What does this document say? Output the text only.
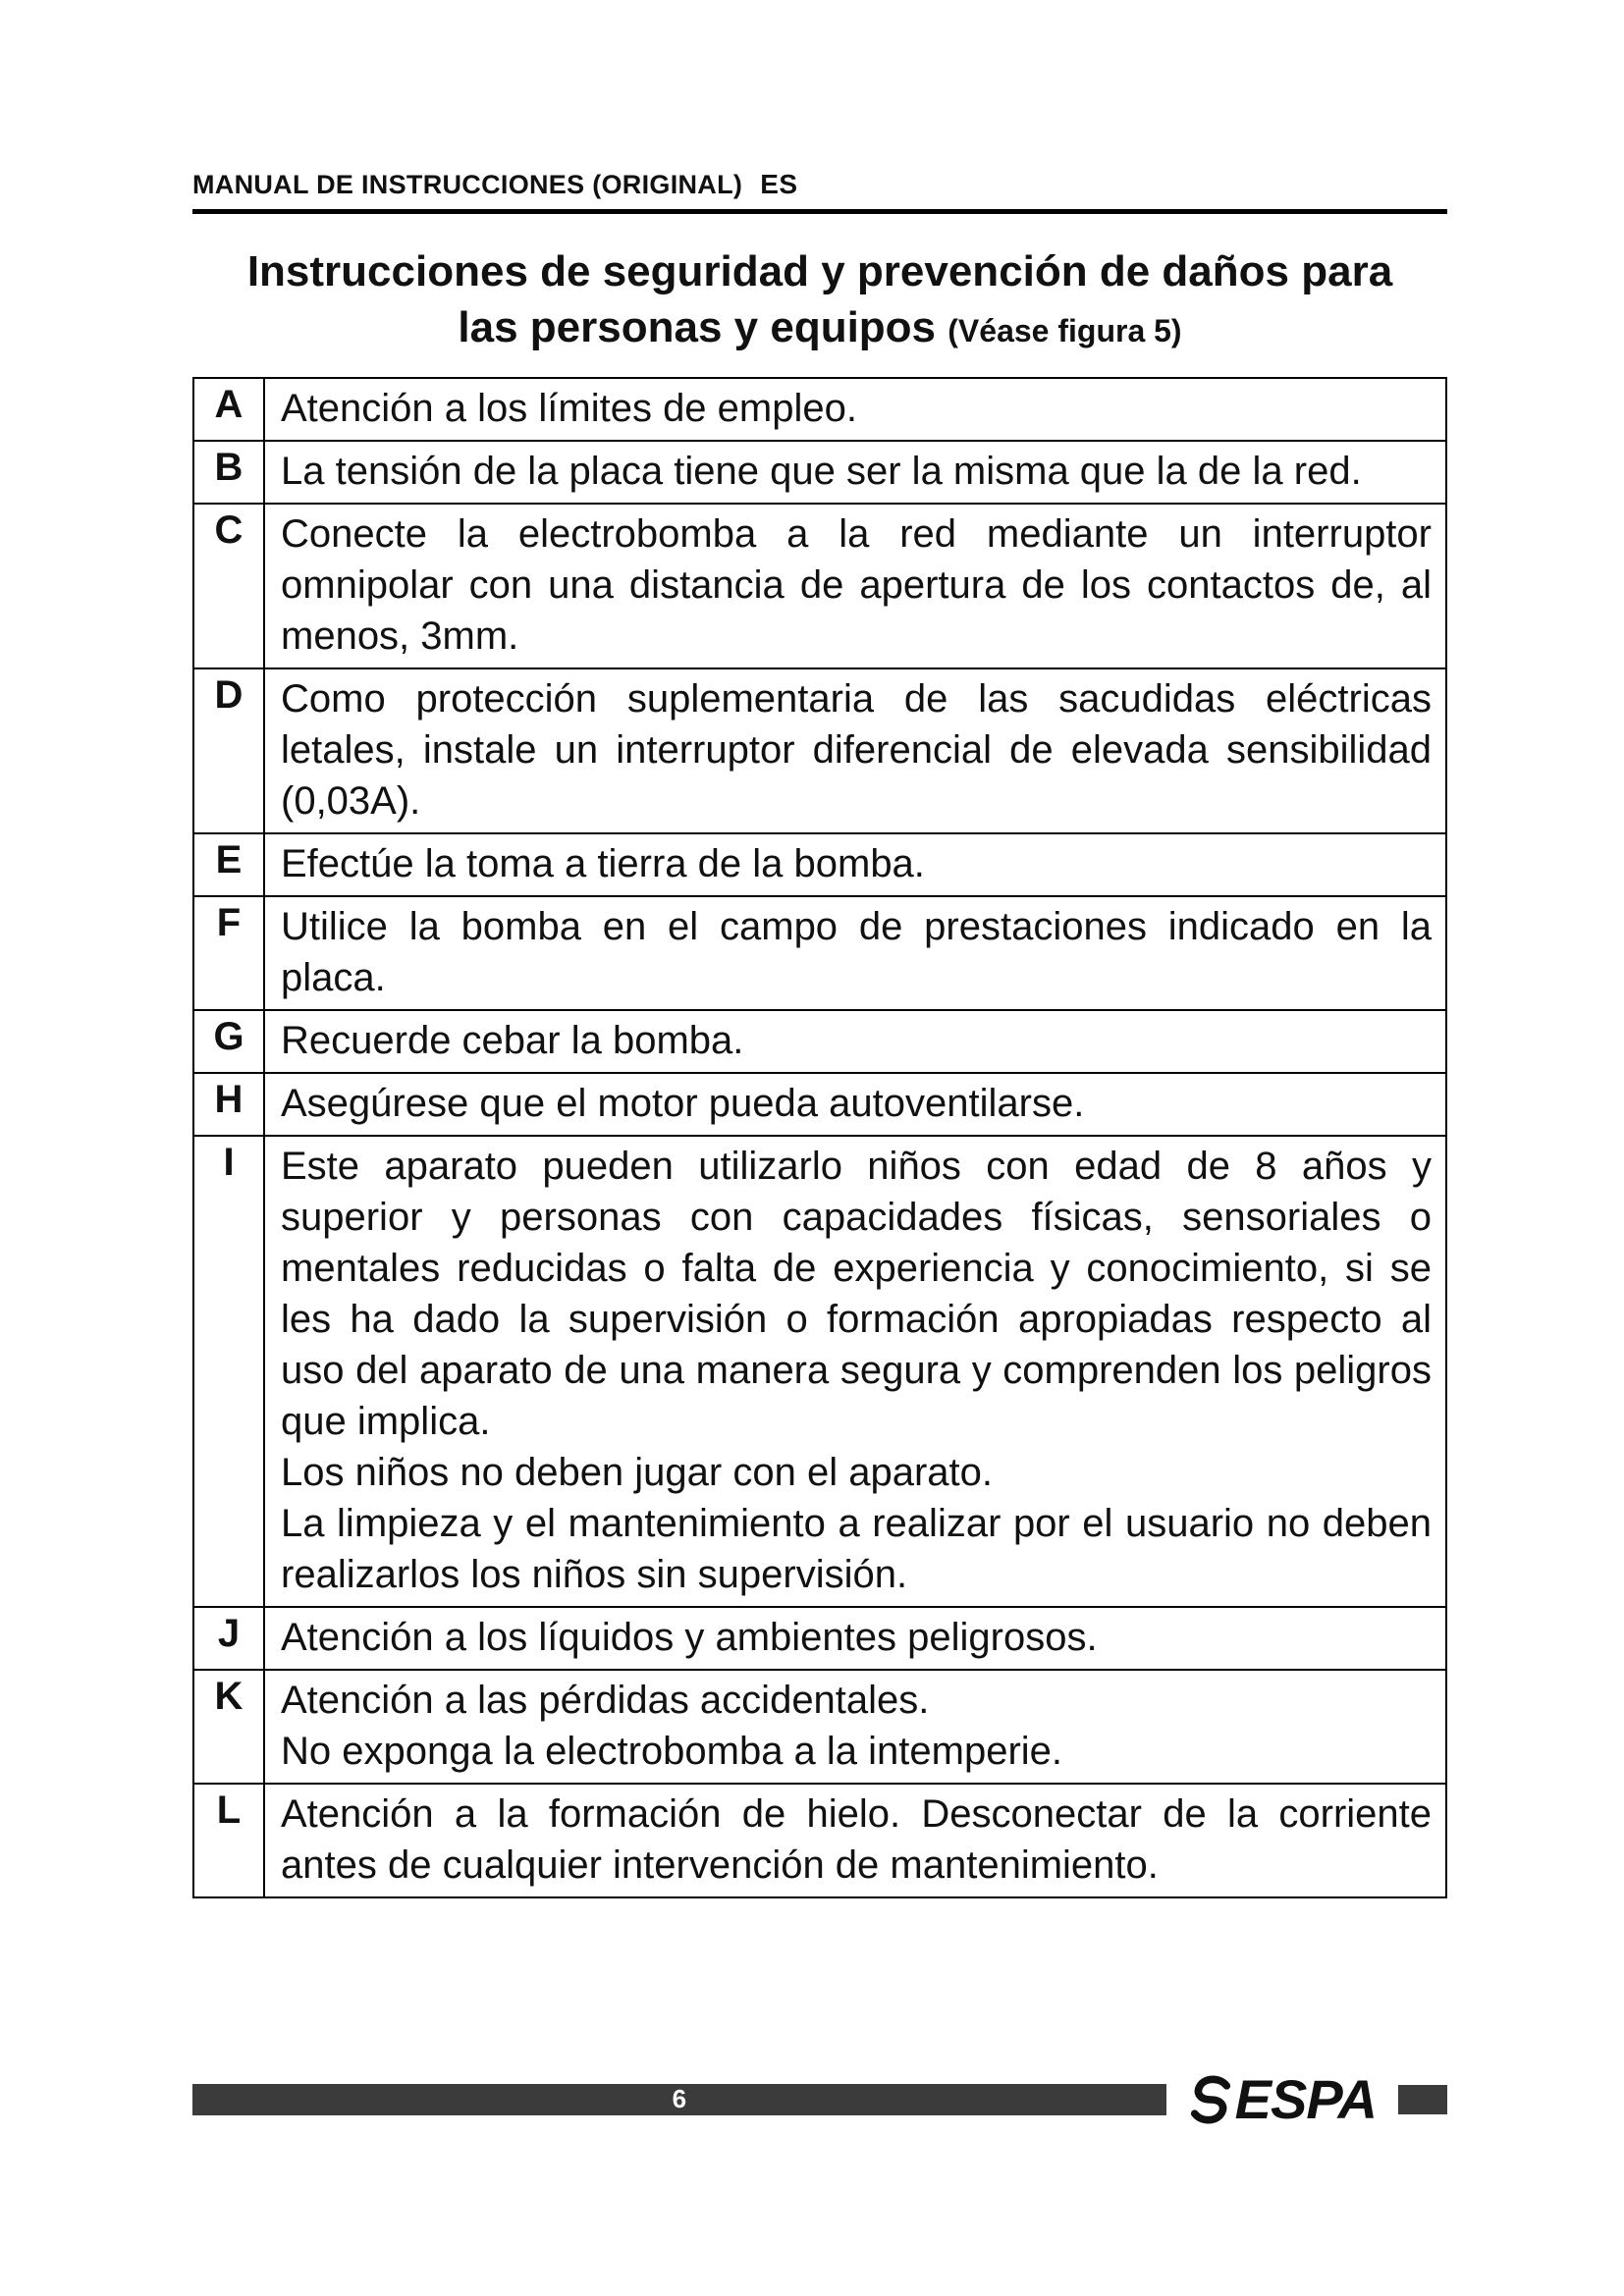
MANUAL DE INSTRUCCIONES (ORIGINAL) ES
Instrucciones de seguridad y prevención de daños para
las personas y equipos (Véase figura 5)
A	Atención a los límites de empleo.

B	La tensión de la placa tiene que ser la misma que la de la red.

C	Conecte la electrobomba a la red mediante un interruptor omnipolar con una distancia de apertura de los contactos de, al menos, 3mm.

D	Como protección suplementaria de las sacudidas eléctricas letales, instale un interruptor diferencial de elevada sensibilidad (0,03A).

E	Efectúe la toma a tierra de la bomba.

F	Utilice la bomba en el campo de prestaciones indicado en la placa.

G	Recuerde cebar la bomba.

H	Asegúrese que el motor pueda autoventilarse.

I	Este aparato pueden utilizarlo niños con edad de 8 años y superior y personas con capacidades físicas, sensoriales o mentales reducidas o falta de experiencia y conocimiento, si se les ha dado la supervisión o formación apropiadas respecto al uso del aparato de una manera segura y comprenden los peligros que implica.
Los niños no deben jugar con el aparato.
La limpieza y el mantenimiento a realizar por el usuario no deben realizarlos los niños sin supervisión.

J	Atención a los líquidos y ambientes peligrosos.

K	Atención a las pérdidas accidentales.
No exponga la electrobomba a la intemperie.

L	Atención a la formación de hielo. Desconectar de la corriente antes de cualquier intervención de mantenimiento.
6	ESPA
